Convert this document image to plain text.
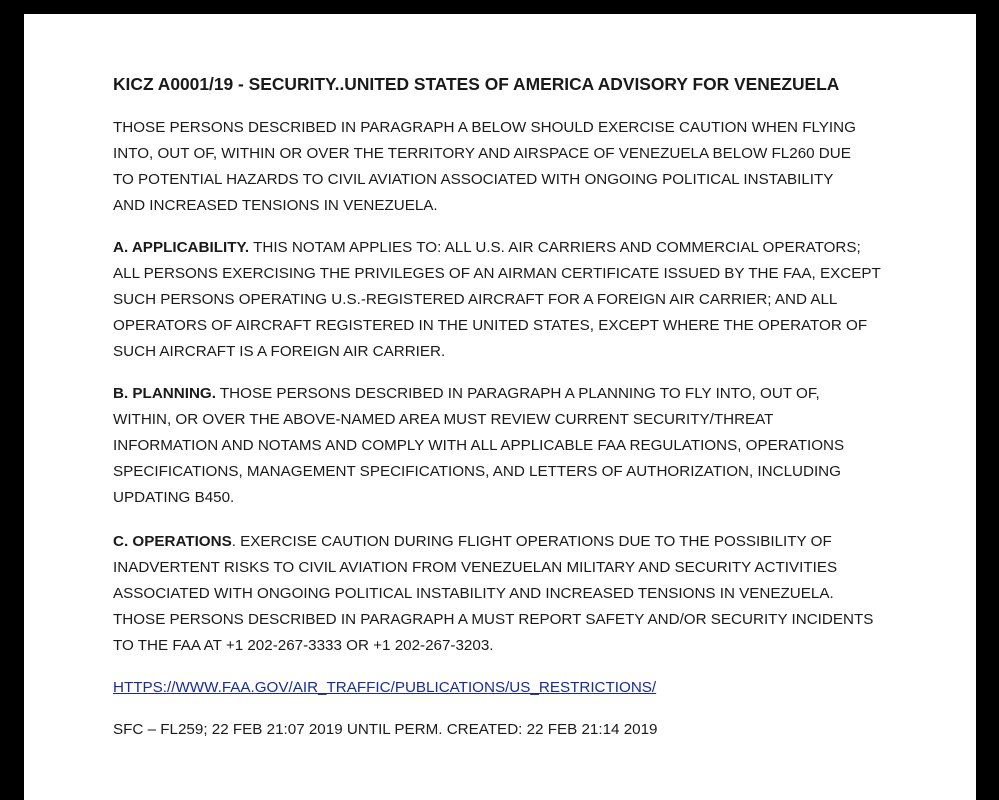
KICZ A0001/19 - SECURITY..UNITED STATES OF AMERICA ADVISORY FOR VENEZUELA
THOSE PERSONS DESCRIBED IN PARAGRAPH A BELOW SHOULD EXERCISE CAUTION WHEN FLYING
INTO, OUT OF, WITHIN OR OVER THE TERRITORY AND AIRSPACE OF VENEZUELA BELOW FL260 DUE
TO POTENTIAL HAZARDS TO CIVIL AVIATION ASSOCIATED WITH ONGOING POLITICAL INSTABILITY
AND INCREASED TENSIONS IN VENEZUELA.
A. APPLICABILITY. THIS NOTAM APPLIES TO: ALL U.S. AIR CARRIERS AND COMMERCIAL OPERATORS;
ALL PERSONS EXERCISING THE PRIVILEGES OF AN AIRMAN CERTIFICATE ISSUED BY THE FAA, EXCEPT
SUCH PERSONS OPERATING U.S.-REGISTERED AIRCRAFT FOR A FOREIGN AIR CARRIER; AND ALL
OPERATORS OF AIRCRAFT REGISTERED IN THE UNITED STATES, EXCEPT WHERE THE OPERATOR OF
SUCH AIRCRAFT IS A FOREIGN AIR CARRIER.
B. PLANNING. THOSE PERSONS DESCRIBED IN PARAGRAPH A PLANNING TO FLY INTO, OUT OF,
WITHIN, OR OVER THE ABOVE-NAMED AREA MUST REVIEW CURRENT SECURITY/THREAT
INFORMATION AND NOTAMS AND COMPLY WITH ALL APPLICABLE FAA REGULATIONS, OPERATIONS
SPECIFICATIONS, MANAGEMENT SPECIFICATIONS, AND LETTERS OF AUTHORIZATION, INCLUDING
UPDATING B450.
C. OPERATIONS. EXERCISE CAUTION DURING FLIGHT OPERATIONS DUE TO THE POSSIBILITY OF
INADVERTENT RISKS TO CIVIL AVIATION FROM VENEZUELAN MILITARY AND SECURITY ACTIVITIES
ASSOCIATED WITH ONGOING POLITICAL INSTABILITY AND INCREASED TENSIONS IN VENEZUELA.
THOSE PERSONS DESCRIBED IN PARAGRAPH A MUST REPORT SAFETY AND/OR SECURITY INCIDENTS
TO THE FAA AT +1 202-267-3333 OR +1 202-267-3203.
HTTPS://WWW.FAA.GOV/AIR_TRAFFIC/PUBLICATIONS/US_RESTRICTIONS/
SFC – FL259; 22 FEB 21:07 2019 UNTIL PERM. CREATED: 22 FEB 21:14 2019
